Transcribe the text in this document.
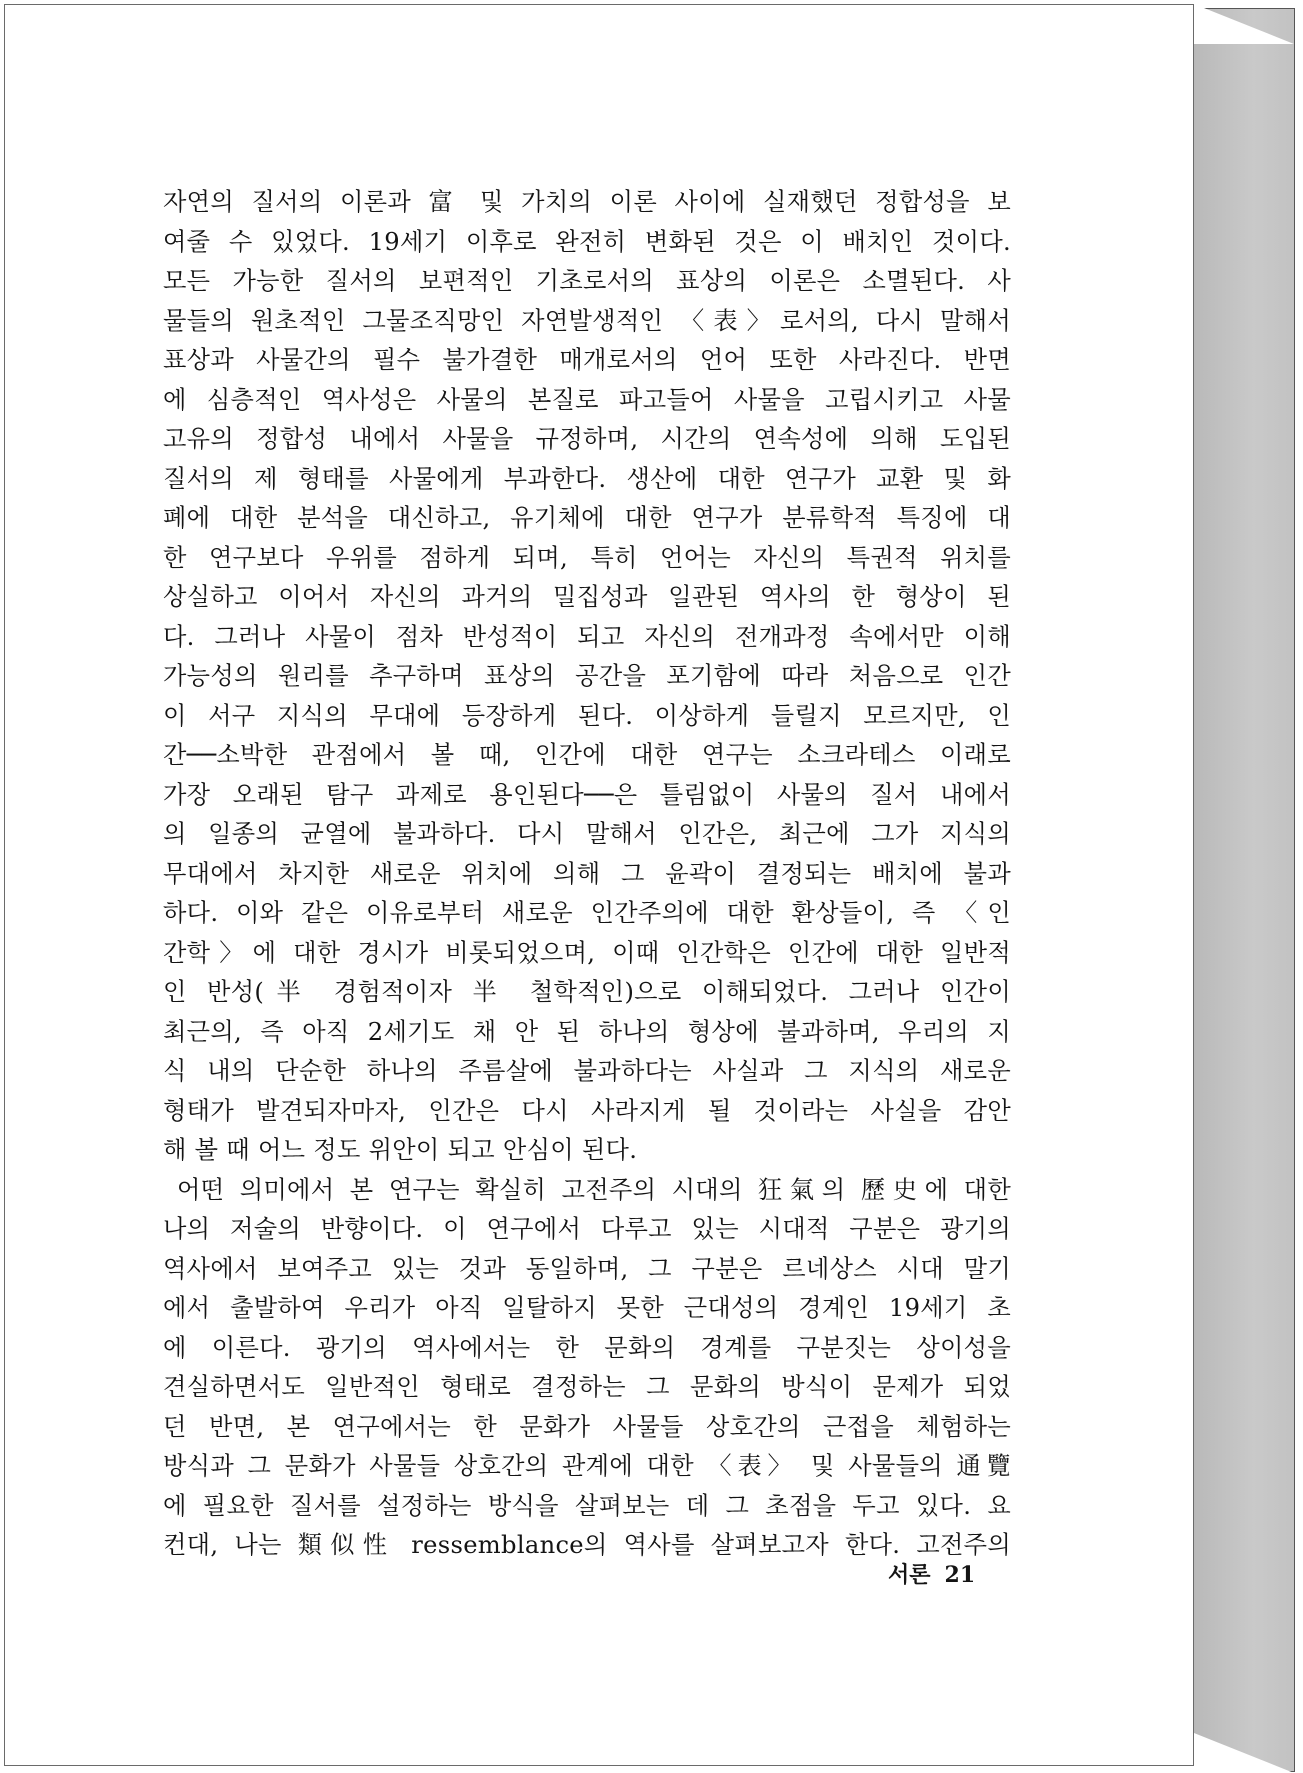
자연의 질서의 이론과 富 및 가치의 이론 사이에 실재했던 정합성을 보
여줄 수 있었다. 19세기 이후로 완전히 변화된 것은 이 배치인 것이다.
모든 가능한 질서의 보편적인 기초로서의 표상의 이론은 소멸된다. 사
물들의 원초적인 그물조직망인 자연발생적인 〈表〉로서의, 다시 말해서
표상과 사물간의 필수 불가결한 매개로서의 언어 또한 사라진다. 반면
에 심층적인 역사성은 사물의 본질로 파고들어 사물을 고립시키고 사물
고유의 정합성 내에서 사물을 규정하며, 시간의 연속성에 의해 도입된
질서의 제 형태를 사물에게 부과한다. 생산에 대한 연구가 교환 및 화
폐에 대한 분석을 대신하고, 유기체에 대한 연구가 분류학적 특징에 대
한 연구보다 우위를 점하게 되며, 특히 언어는 자신의 특권적 위치를
상실하고 이어서 자신의 과거의 밀집성과 일관된 역사의 한 형상이 된
다. 그러나 사물이 점차 반성적이 되고 자신의 전개과정 속에서만 이해
가능성의 원리를 추구하며 표상의 공간을 포기함에 따라 처음으로 인간
이 서구 지식의 무대에 등장하게 된다. 이상하게 들릴지 모르지만, 인
간──소박한 관점에서 볼 때, 인간에 대한 연구는 소크라테스 이래로
가장 오래된 탐구 과제로 용인된다──은 틀림없이 사물의 질서 내에서
의 일종의 균열에 불과하다. 다시 말해서 인간은, 최근에 그가 지식의
무대에서 차지한 새로운 위치에 의해 그 윤곽이 결정되는 배치에 불과
하다. 이와 같은 이유로부터 새로운 인간주의에 대한 환상들이, 즉 〈인
간학〉에 대한 경시가 비롯되었으며, 이때 인간학은 인간에 대한 일반적
인 반성(半 경험적이자 半 철학적인)으로 이해되었다. 그러나 인간이
최근의, 즉 아직 2세기도 채 안 된 하나의 형상에 불과하며, 우리의 지
식 내의 단순한 하나의 주름살에 불과하다는 사실과 그 지식의 새로운
형태가 발견되자마자, 인간은 다시 사라지게 될 것이라는 사실을 감안
해 볼 때 어느 정도 위안이 되고 안심이 된다.
어떤 의미에서 본 연구는 확실히 고전주의 시대의 狂氣의 歷史에 대한
나의 저술의 반향이다. 이 연구에서 다루고 있는 시대적 구분은 광기의
역사에서 보여주고 있는 것과 동일하며, 그 구분은 르네상스 시대 말기
에서 출발하여 우리가 아직 일탈하지 못한 근대성의 경계인 19세기 초
에 이른다. 광기의 역사에서는 한 문화의 경계를 구분짓는 상이성을
견실하면서도 일반적인 형태로 결정하는 그 문화의 방식이 문제가 되었
던 반면, 본 연구에서는 한 문화가 사물들 상호간의 근접을 체험하는
방식과 그 문화가 사물들 상호간의 관계에 대한 〈表〉 및 사물들의 通覽
에 필요한 질서를 설정하는 방식을 살펴보는 데 그 초점을 두고 있다. 요
컨대, 나는 類似性 ressemblance의 역사를 살펴보고자 한다. 고전주의
서론 21
